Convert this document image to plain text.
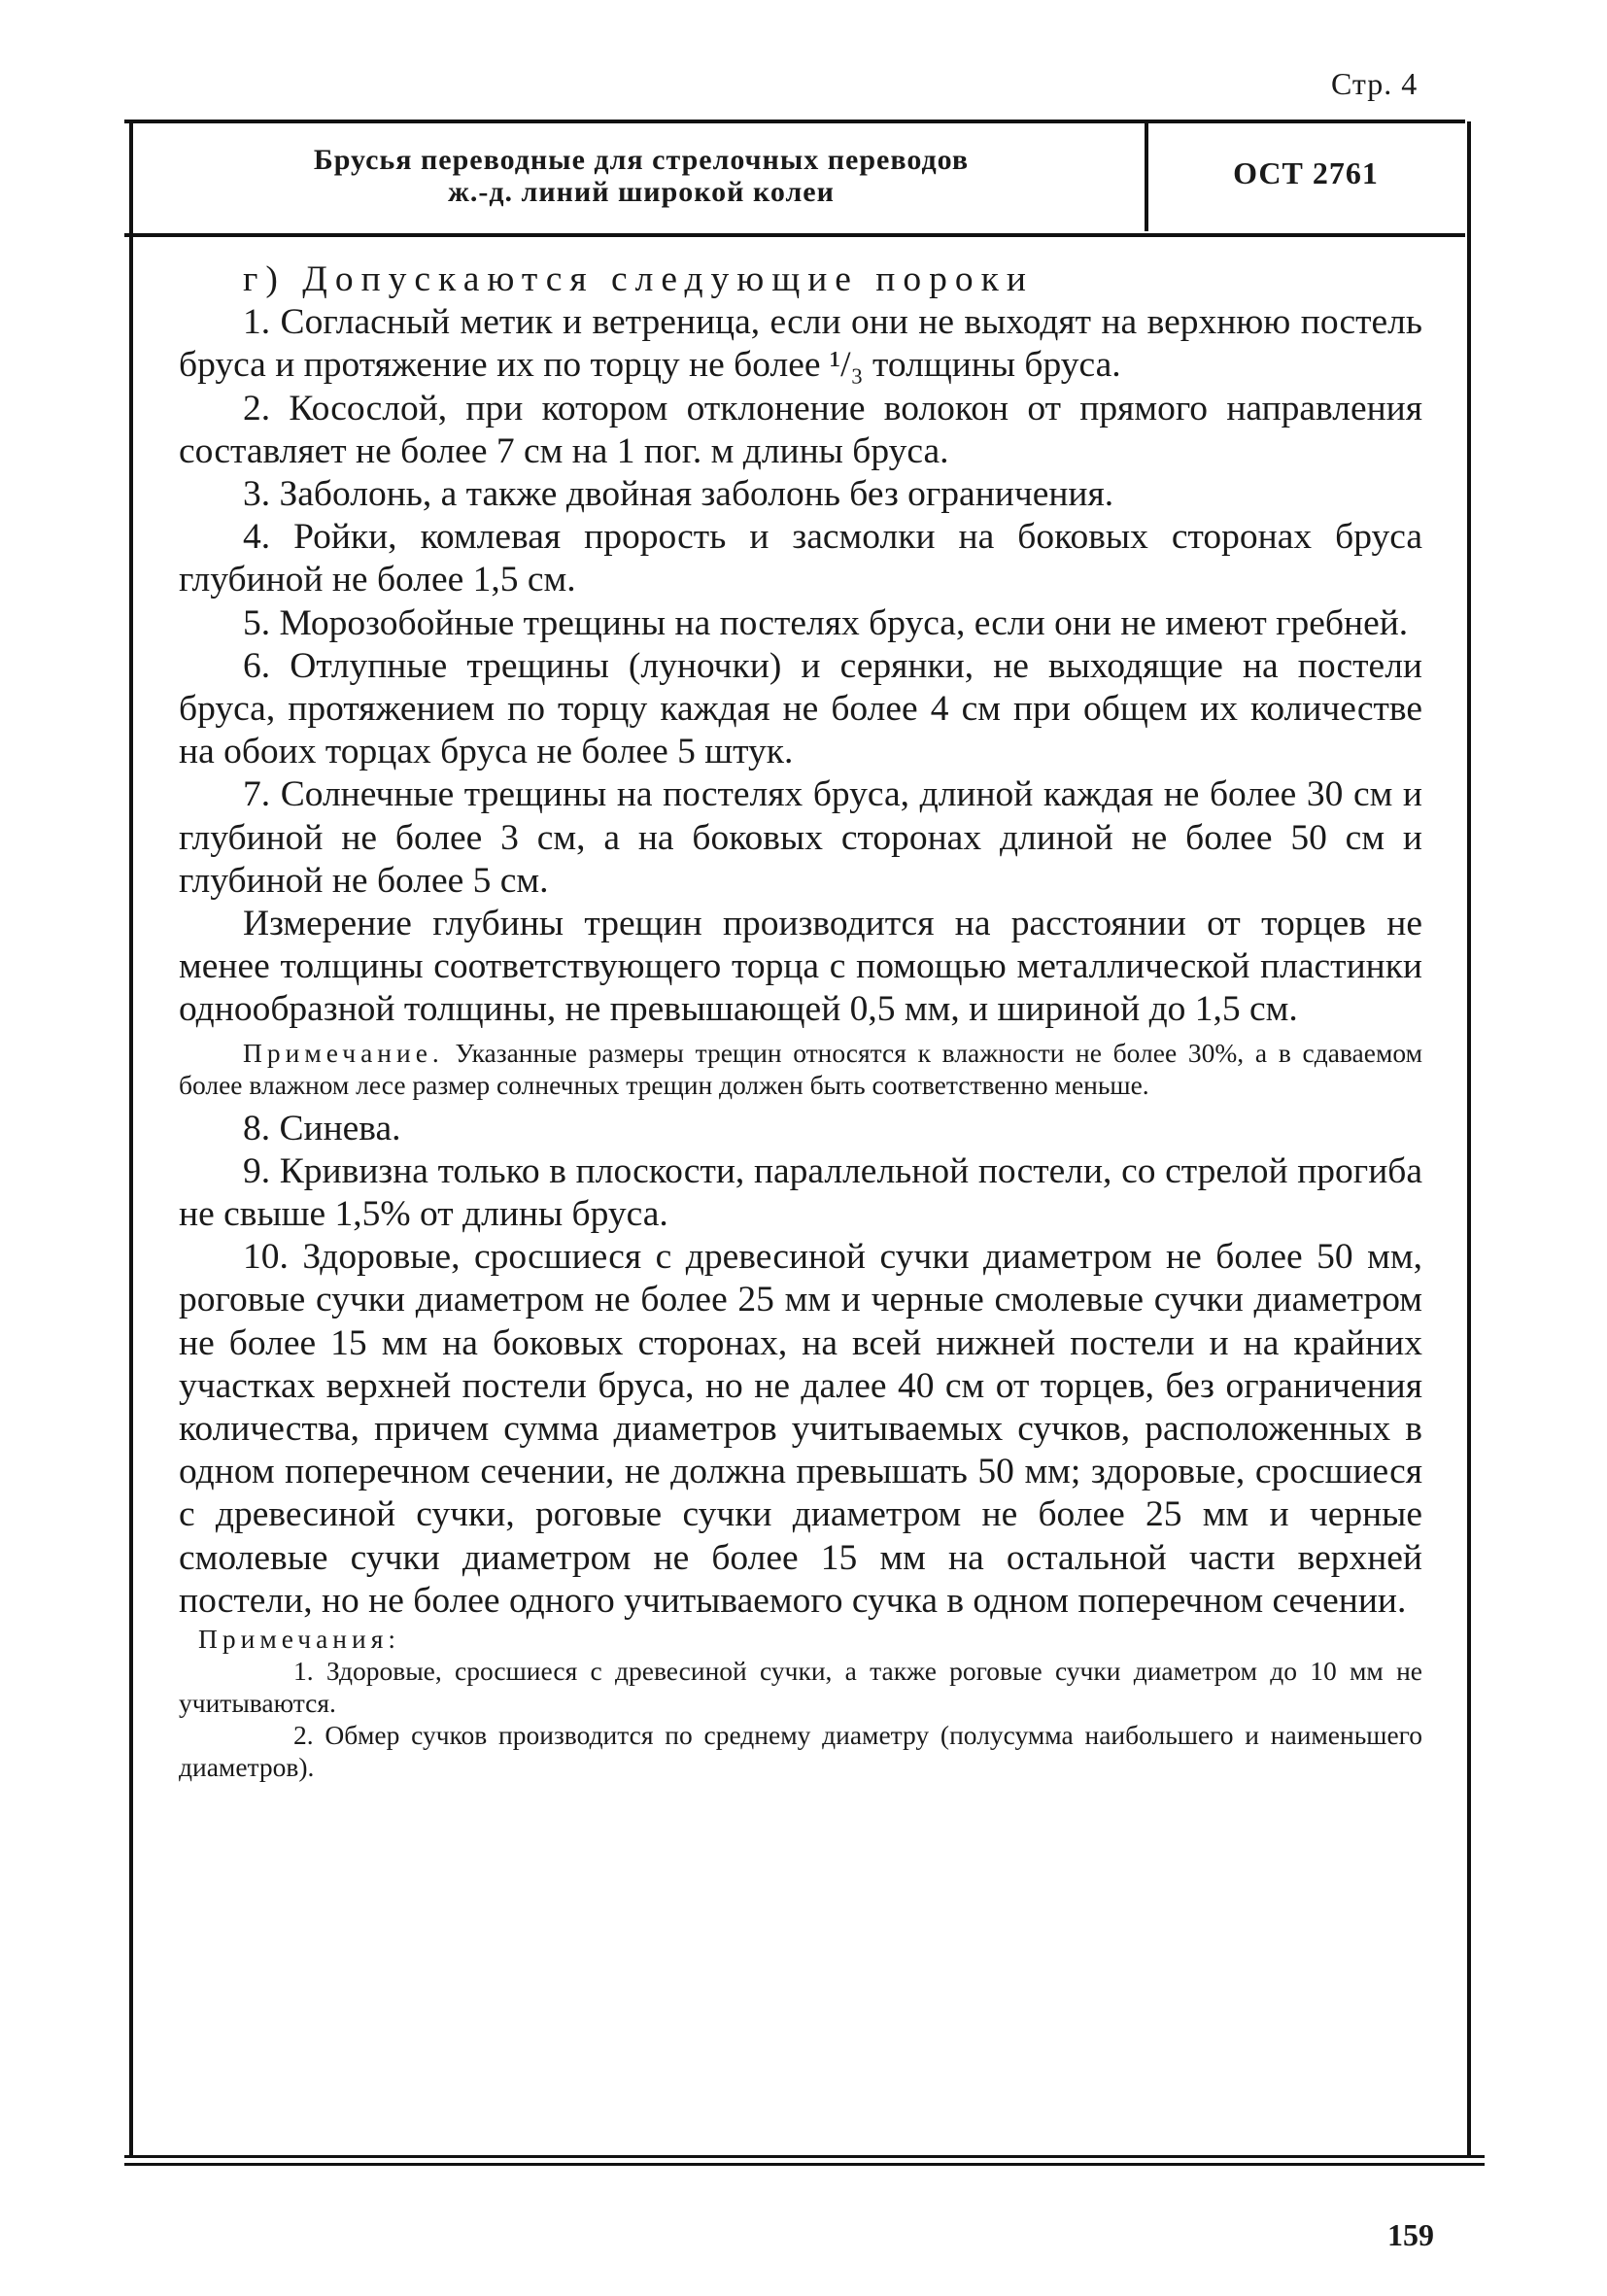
Стр. 4
Брусья переводные для стрелочных переводов
ж.-д. линий широкой колеи
ОСТ 2761

г) Допускаются следующие пороки

1. Согласный метик и ветреница, если они не выходят на верхнюю постель бруса и протяжение их по торцу не более ¹/₃ толщины бруса.

2. Косослой, при котором отклонение волокон от прямого направления составляет не более 7 см на 1 пог. м длины бруса.

3. Заболонь, а также двойная заболонь без ограничения.

4. Ройки, комлевая прорость и засмолки на боковых сторонах бруса глубиной не более 1,5 см.

5. Морозобойные трещины на постелях бруса, если они не имеют гребней.

6. Отлупные трещины (луночки) и серянки, не выходящие на постели бруса, протяжением по торцу каждая не более 4 см при общем их количестве на обоих торцах бруса не более 5 штук.

7. Солнечные трещины на постелях бруса, длиной каждая не более 30 см и глубиной не более 3 см, а на боковых сторонах длиной не более 50 см и глубиной не более 5 см.

Измерение глубины трещин производится на расстоянии от торцев не менее толщины соответствующего торца с помощью металлической пластинки однообразной толщины, не превышающей 0,5 мм, и шириной до 1,5 см.

Примечание. Указанные размеры трещин относятся к влажности не более 30%, а в сдаваемом более влажном лесе размер солнечных трещин должен быть соответственно меньше.

8. Синева.

9. Кривизна только в плоскости, параллельной постели, со стрелой прогиба не свыше 1,5% от длины бруса.

10. Здоровые, сросшиеся с древесиной сучки диаметром не более 50 мм, роговые сучки диаметром не более 25 мм и черные смолевые сучки диаметром не более 15 мм на боковых сторонах, на всей нижней постели и на крайних участках верхней постели бруса, но не далее 40 см от торцев, без ограничения количества, причем сумма диаметров учитываемых сучков, расположенных в одном поперечном сечении, не должна превышать 50 мм; здоровые, сросшиеся с древесиной сучки, роговые сучки диаметром не более 25 мм и черные смолевые сучки диаметром не более 15 мм на остальной части верхней постели, но не более одного учитываемого сучка в одном поперечном сечении.

Примечания:

1. Здоровые, сросшиеся с древесиной сучки, а также роговые сучки диаметром до 10 мм не учитываются.

2. Обмер сучков производится по среднему диаметру (полусумма наибольшего и наименьшего диаметров).

159
